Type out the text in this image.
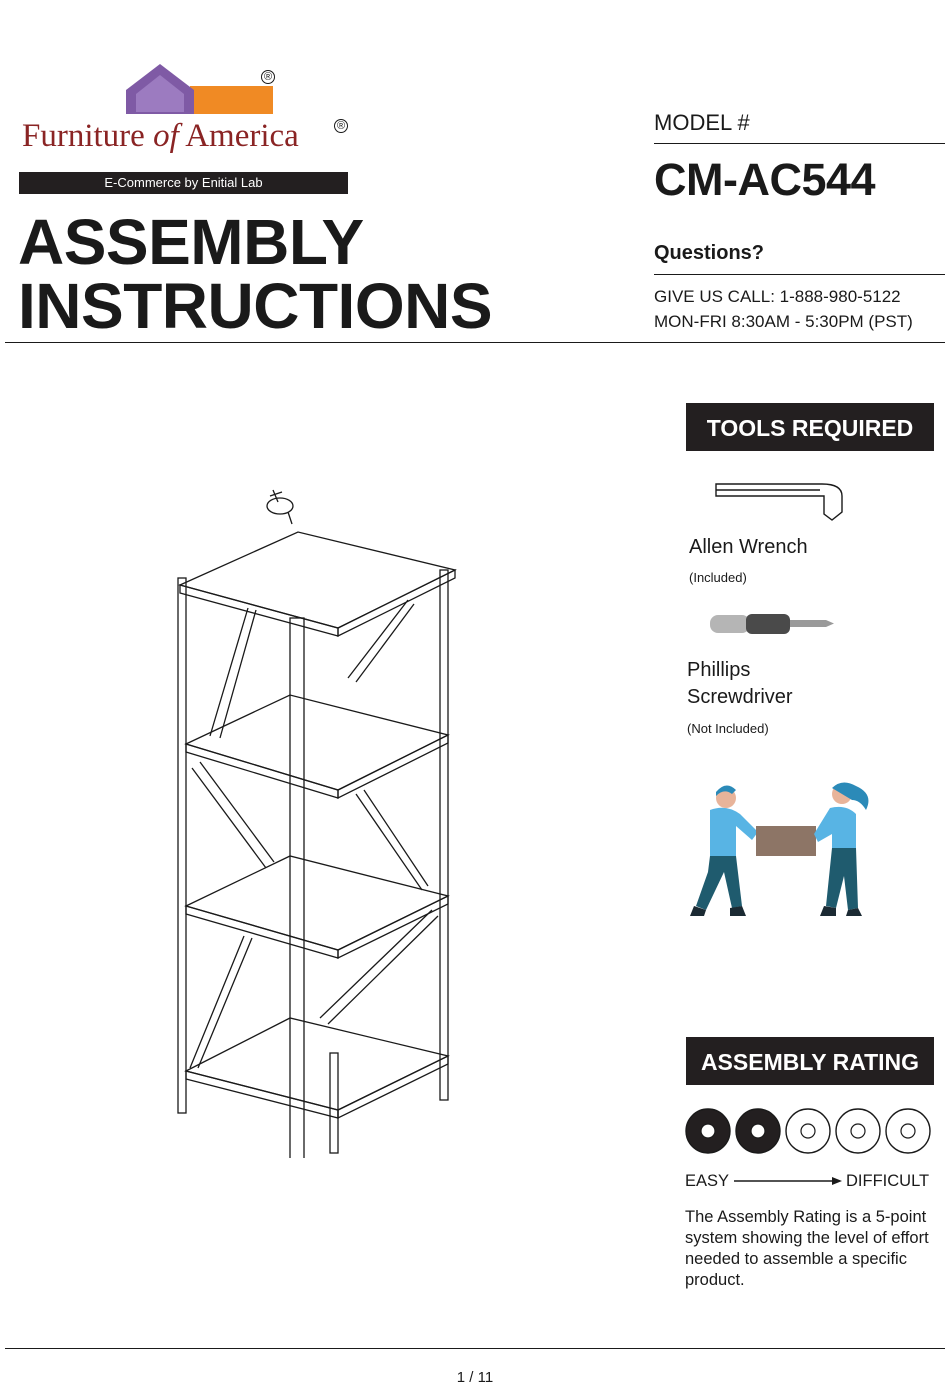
®
Furniture of America	®
E-Commerce by Enitial Lab
ASSEMBLY
INSTRUCTIONS
MODEL #
CM-AC544
Questions?
GIVE US CALL: 1-888-980-5122
MON-FRI 8:30AM - 5:30PM (PST)
TOOLS REQUIRED
Allen Wrench
(Included)
Phillips
Screwdriver
(Not Included)
ASSEMBLY RATING
EASY	DIFFICULT
The Assembly Rating is a 5-point system showing the level of effort needed to assemble a specific product.
1 / 11
